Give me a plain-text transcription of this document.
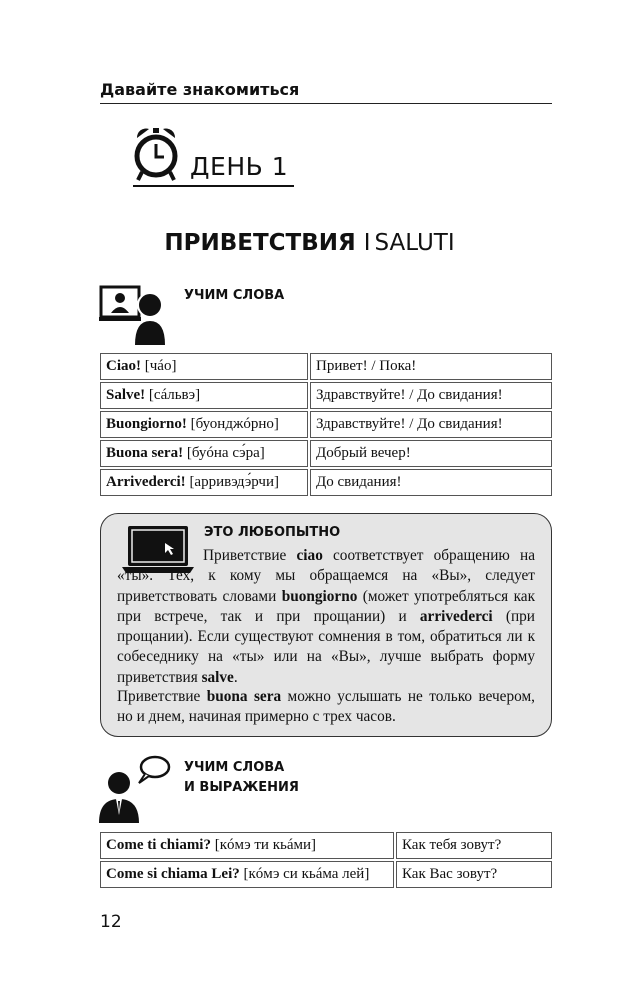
Давайте знакомиться
ДЕНЬ 1
ПРИВЕТСТВИЯ I SALUTI
УЧИМ СЛОВА
Ciao! [чáо]	Привет! / Пока!
Salve! [сáльвэ]	Здравствуйте! / До свидания!
Buongiorno! [буонджóрно]	Здравствуйте! / До свидания!
Buona sera! [буóна сэ́ра]	Добрый вечер!
Arrivederci! [арривэдэ́рчи]	До свидания!
ЭТО ЛЮБОПЫТНО
Приветствие ciao соответствует обращению на «ты». Тех, к кому мы обращаемся на «Вы», следует приветствовать словами buongiorno (может употребляться как при встрече, так и при прощании) и arrivederci (при прощании). Если существуют сомнения в том, обратиться ли к собеседнику на «ты» или на «Вы», лучше выбрать форму приветствия salve.
Приветствие buona sera можно услышать не только вечером, но и днем, начиная примерно с трех часов.
УЧИМ СЛОВА
И ВЫРАЖЕНИЯ
Come ti chiami? [кóмэ ти кьáми]	Как тебя зовут?
Come si chiama Lei? [кóмэ си кьáма лей]	Как Вас зовут?
12
